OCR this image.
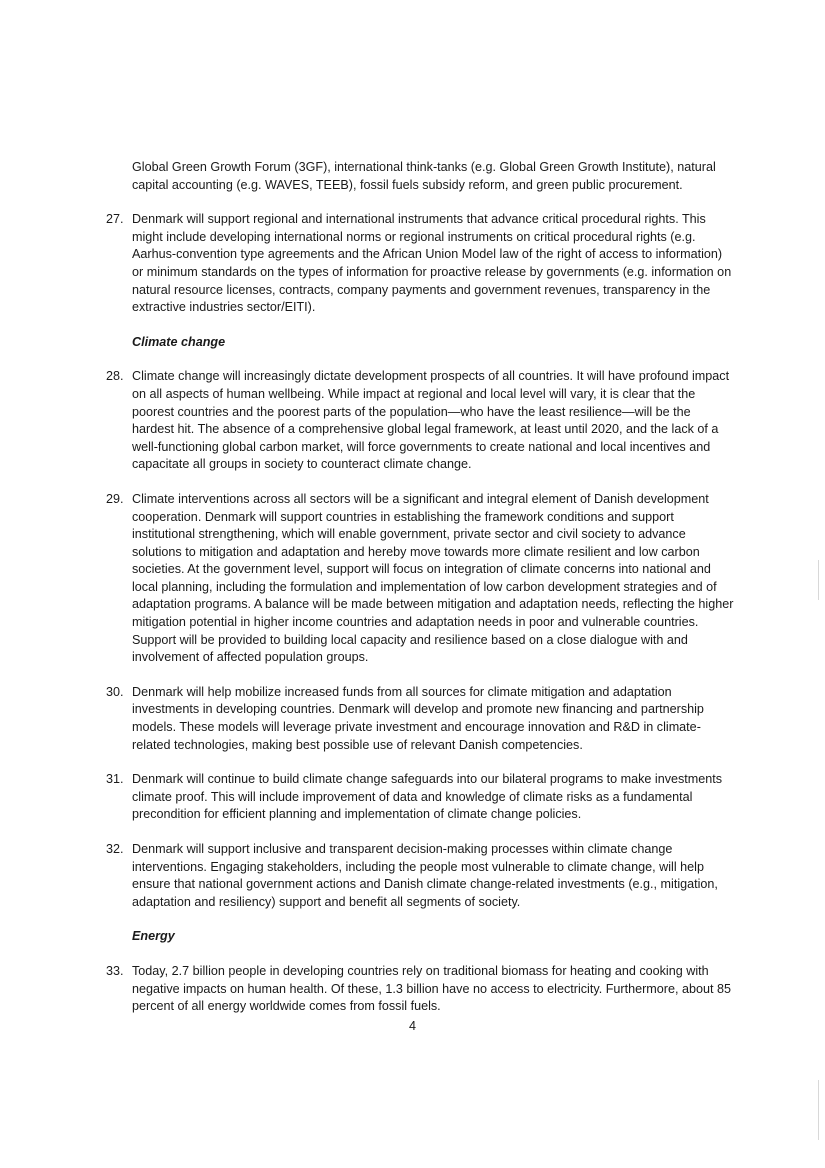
Global Green Growth Forum (3GF), international think-tanks (e.g. Global Green Growth Institute), natural capital accounting (e.g. WAVES, TEEB), fossil fuels subsidy reform, and green public procurement.

27. Denmark will support regional and international instruments that advance critical procedural rights. This might include developing international norms or regional instruments on critical procedural rights (e.g. Aarhus-convention type agreements and the African Union Model law of the right of access to information) or minimum standards on the types of information for proactive release by governments (e.g. information on natural resource licenses, contracts, company payments and government revenues, transparency in the extractive industries sector/EITI).

Climate change

28. Climate change will increasingly dictate development prospects of all countries. It will have profound impact on all aspects of human wellbeing. While impact at regional and local level will vary, it is clear that the poorest countries and the poorest parts of the population—who have the least resilience—will be the hardest hit. The absence of a comprehensive global legal framework, at least until 2020, and the lack of a well-functioning global carbon market, will force governments to create national and local incentives and capacitate all groups in society to counteract climate change.
29. Climate interventions across all sectors will be a significant and integral element of Danish development cooperation. Denmark will support countries in establishing the framework conditions and support institutional strengthening, which will enable government, private sector and civil society to advance solutions to mitigation and adaptation and hereby move towards more climate resilient and low carbon societies. At the government level, support will focus on integration of climate concerns into national and local planning, including the formulation and implementation of low carbon development strategies and of adaptation programs. A balance will be made between mitigation and adaptation needs, reflecting the higher mitigation potential in higher income countries and adaptation needs in poor and vulnerable countries. Support will be provided to building local capacity and resilience based on a close dialogue with and involvement of affected population groups.
30. Denmark will help mobilize increased funds from all sources for climate mitigation and adaptation investments in developing countries. Denmark will develop and promote new financing and partnership models. These models will leverage private investment and encourage innovation and R&D in climate-related technologies, making best possible use of relevant Danish competencies.
31. Denmark will continue to build climate change safeguards into our bilateral programs to make investments climate proof. This will include improvement of data and knowledge of climate risks as a fundamental precondition for efficient planning and implementation of climate change policies.
32. Denmark will support inclusive and transparent decision-making processes within climate change interventions. Engaging stakeholders, including the people most vulnerable to climate change, will help ensure that national government actions and Danish climate change-related investments (e.g., mitigation, adaptation and resiliency) support and benefit all segments of society.

Energy

33. Today, 2.7 billion people in developing countries rely on traditional biomass for heating and cooking with negative impacts on human health. Of these, 1.3 billion have no access to electricity. Furthermore, about 85 percent of all energy worldwide comes from fossil fuels.
4
